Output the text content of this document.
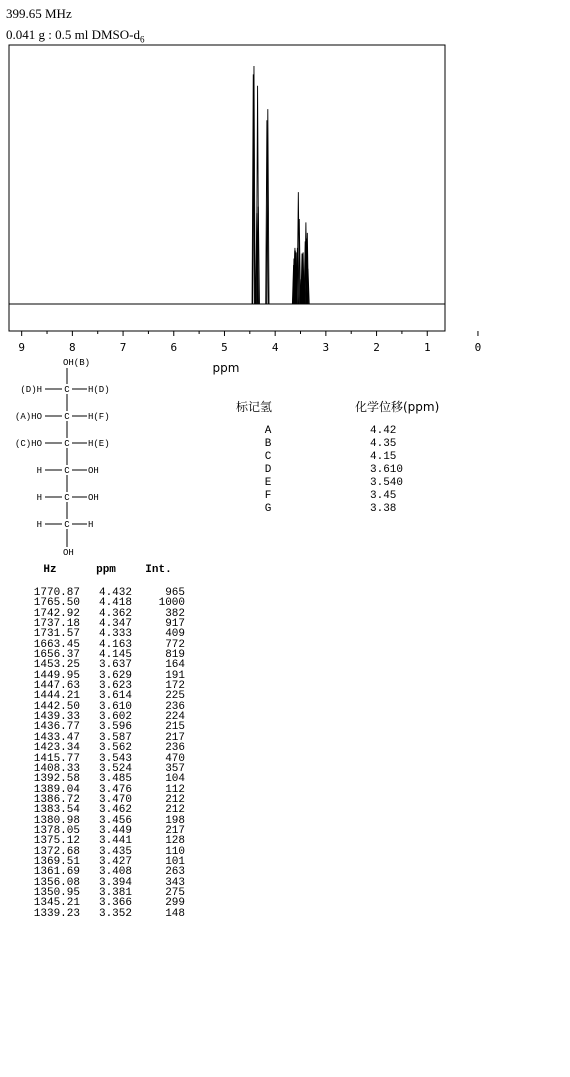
399.65 MHz
0.041 g : 0.5 ml DMSO-$d_6$
9	8	7	6	5	4	3	2	1	0
ppm
OH(B)
(D)H C H(D)
(A)HO C H(F)
(C)HO C H(E)
H C OH
H C OH
H C H
OH
标记氢	化学位移(ppm)
A	4.42
B	4.35
C	4.15
D	3.610
E	3.540
F	3.45
G	3.38
Hz	ppm	Int.
1770.87	4.432	965
1765.50	4.418	1000
1742.92	4.362	382
1737.18	4.347	917
1731.57	4.333	409
1663.45	4.163	772
1656.37	4.145	819
1453.25	3.637	164
1449.95	3.629	191
1447.63	3.623	172
1444.21	3.614	225
1442.50	3.610	236
1439.33	3.602	224
1436.77	3.596	215
1433.47	3.587	217
1423.34	3.562	236
1415.77	3.543	470
1408.33	3.524	357
1392.58	3.485	104
1389.04	3.476	112
1386.72	3.470	212
1383.54	3.462	212
1380.98	3.456	198
1378.05	3.449	217
1375.12	3.441	128
1372.68	3.435	110
1369.51	3.427	101
1361.69	3.408	263
1356.08	3.394	343
1350.95	3.381	275
1345.21	3.366	299
1339.23	3.352	148
